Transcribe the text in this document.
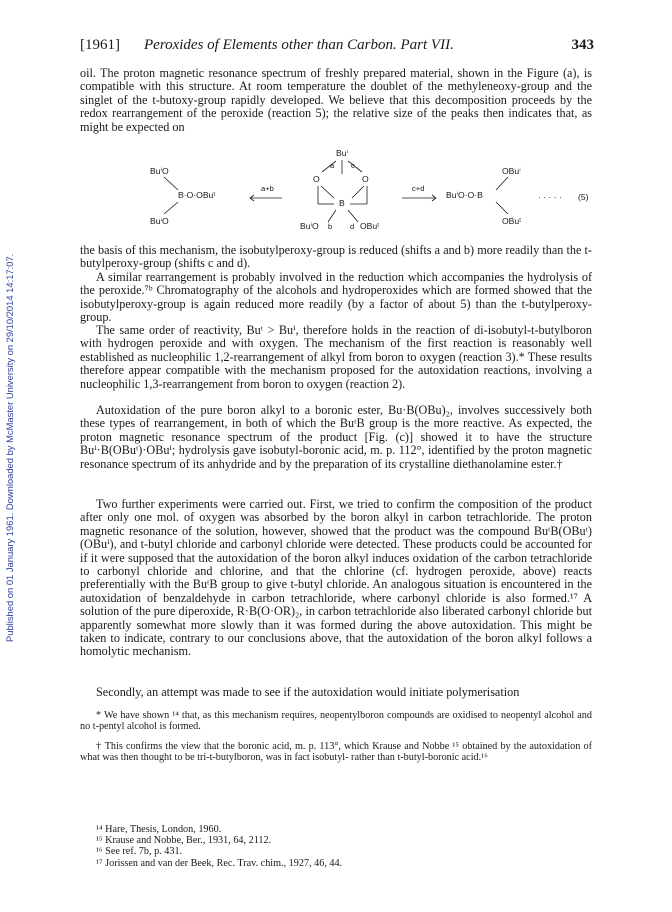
Published on 01 January 1961. Downloaded by McMaster University on 29/10/2014 14:17:07.
[1961] Peroxides of Elements other than Carbon. Part VII.	343

oil. The proton magnetic resonance spectrum of freshly prepared material, shown in the Figure (a), is compatible with this structure. At room temperature the doublet of the methyleneoxy-group and the singlet of the t-butoxy-group rapidly developed. We believe that this decomposition proceeds by the redox rearrangement of the peroxide (reaction 5); the relative size of the peaks then indicates that, as might be expected on

BuⁱO
B·O·OBuᵗ
BuⁱO
a+b
Buⁱ
a c
O	O
B
BuⁱO b d OBuᵗ
c+d
OBuⁱ
BuⁱO·O·B
OBuᵗ
· · · · · (5)

the basis of this mechanism, the isobutylperoxy-group is reduced (shifts a and b) more readily than the t-butylperoxy-group (shifts c and d).

A similar rearrangement is probably involved in the reduction which accompanies the hydrolysis of the peroxide.⁷ᵇ Chromatography of the alcohols and hydroperoxides which are formed showed that the isobutylperoxy-group is again reduced more readily (by a factor of about 5) than the t-butylperoxy-group.

The same order of reactivity, Buᵗ > Buⁱ, therefore holds in the reaction of di-isobutyl-t-butylboron with hydrogen peroxide and with oxygen. The mechanism of the first reaction is reasonably well established as nucleophilic 1,2-rearrangement of alkyl from boron to oxygen (reaction 3).* These results therefore appear compatible with the mechanism proposed for the autoxidation reactions, involving a nucleophilic 1,3-rearrangement from boron to oxygen (reaction 2).

Autoxidation of the pure boron alkyl to a boronic ester, Bu·B(OBu)₂, involves successively both these types of rearrangement, in both of which the BuᵗB group is the more reactive. As expected, the proton magnetic resonance spectrum of the product [Fig. (c)] showed it to have the structure Buⁱ·B(OBuᵗ)·OBuⁱ; hydrolysis gave isobutyl-boronic acid, m. p. 112°, identified by the proton magnetic resonance spectrum of its anhydride and by the preparation of its crystalline diethanolamine ester.†

Two further experiments were carried out. First, we tried to confirm the composition of the product after only one mol. of oxygen was absorbed by the boron alkyl in carbon tetrachloride. The proton magnetic resonance of the solution, however, showed that the product was the compound BuᵗB(OBuᵗ)(OBuⁱ), and t-butyl chloride and carbonyl chloride were detected. These products could be accounted for if it were supposed that the autoxidation of the boron alkyl induces oxidation of the carbon tetrachloride to carbonyl chloride and chlorine, and that the chlorine (cf. hydrogen peroxide, above) reacts preferentially with the BuᵗB group to give t-butyl chloride. An analogous situation is encountered in the autoxidation of benzaldehyde in carbon tetrachloride, where carbonyl chloride is also formed.¹⁷ A solution of the pure diperoxide, R·B(O·OR)₂, in carbon tetrachloride also liberated carbonyl chloride but apparently somewhat more slowly than it was formed during the above autoxidation. This might be taken to indicate, contrary to our conclusions above, that the autoxidation of the boron alkyl follows a homolytic mechanism.

Secondly, an attempt was made to see if the autoxidation would initiate polymerisation

* We have shown ¹⁴ that, as this mechanism requires, neopentylboron compounds are oxidised to neopentyl alcohol and no t-pentyl alcohol is formed.

† This confirms the view that the boronic acid, m. p. 113°, which Krause and Nobbe ¹⁵ obtained by the autoxidation of what was then thought to be tri-t-butylboron, was in fact isobutyl- rather than t-butyl-boronic acid.¹⁶

¹⁴ Hare, Thesis, London, 1960.

¹⁵ Krause and Nobbe, Ber., 1931, 64, 2112.

¹⁶ See ref. 7b, p. 431.

¹⁷ Jorissen and van der Beek, Rec. Trav. chim., 1927, 46, 44.
